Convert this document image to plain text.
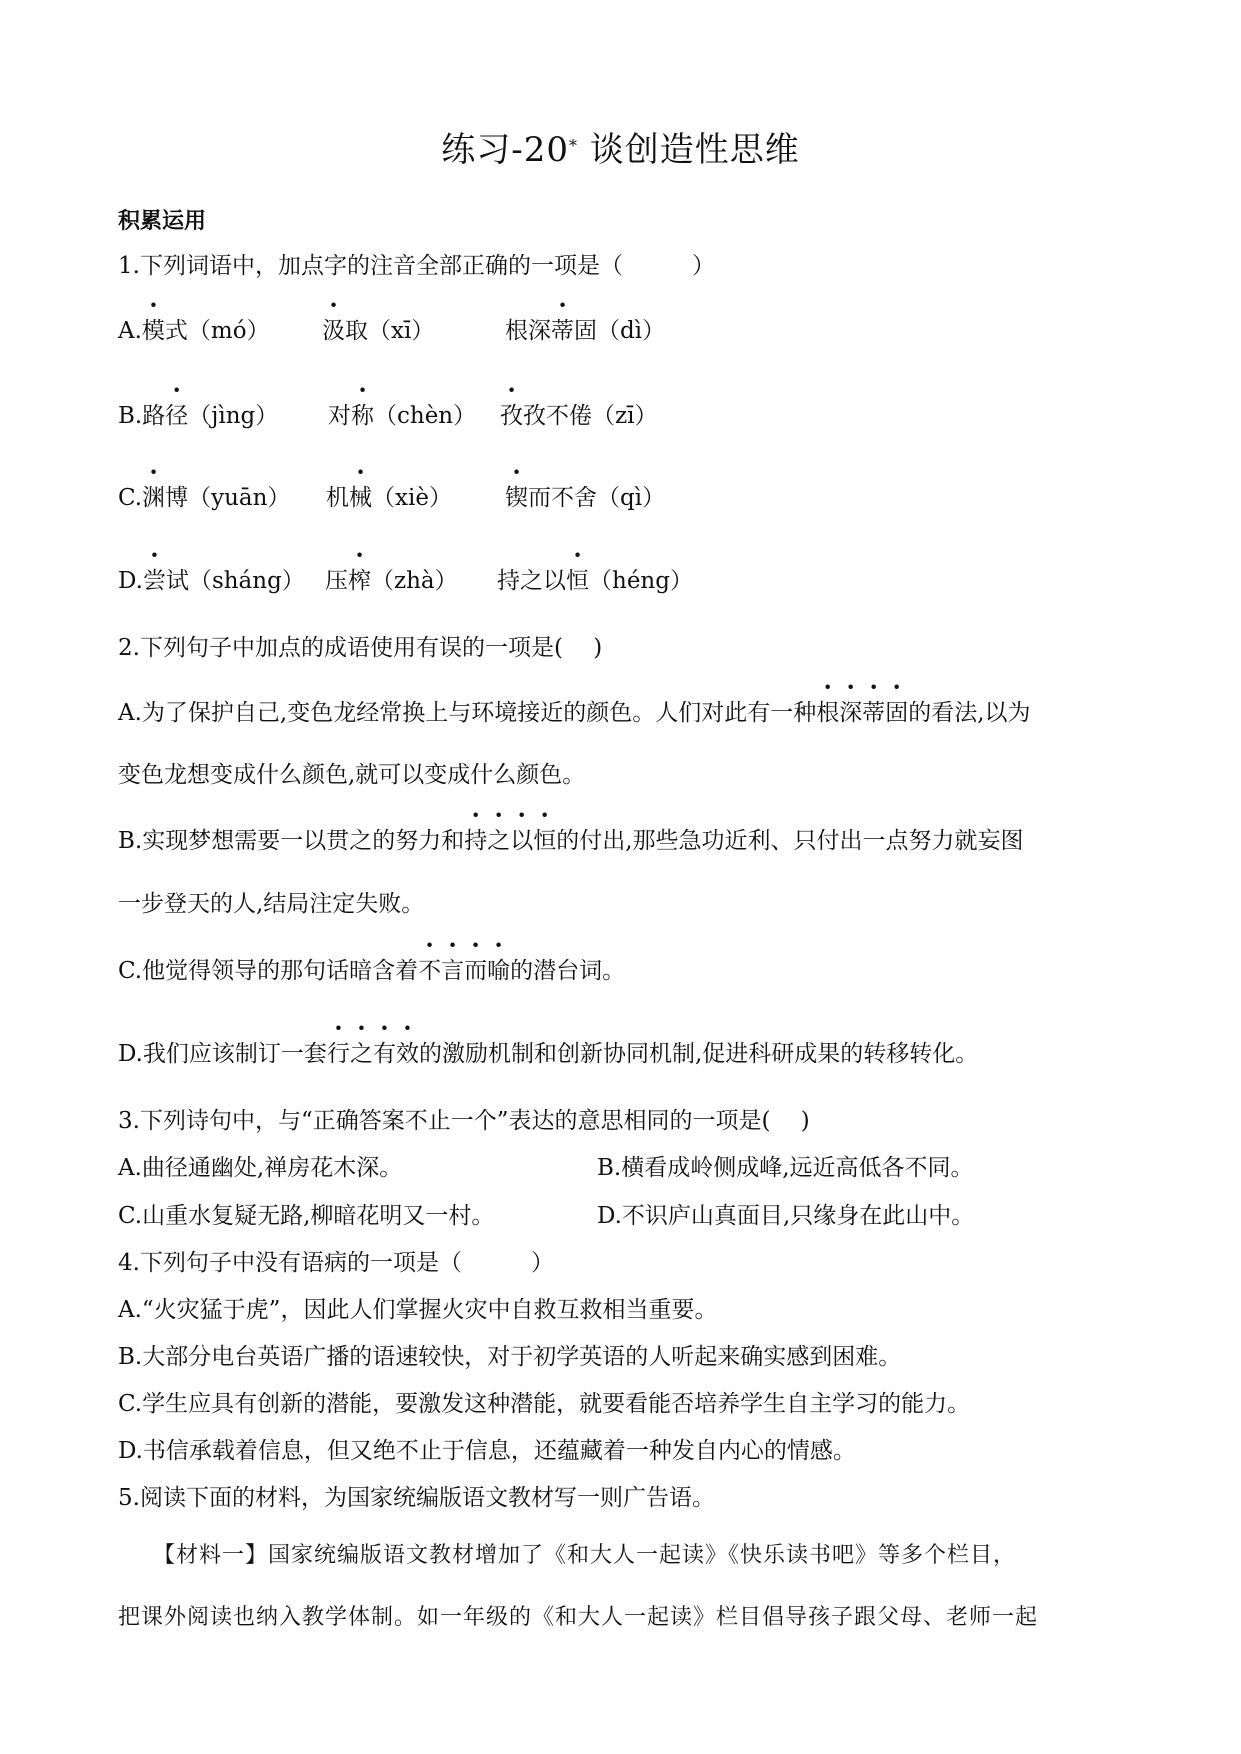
练习-20* 谈创造性思维
积累运用
1.下列词语中，加点字的注音全部正确的一项是（　　　）
A.模式（mó） 汲取（xī）	根深蒂固（dì）
B.路径（jìng） 对称（chèn） 孜孜不倦（zī）
C.渊博（yuān） 机械（xiè） 锲而不舍（qì）
D.尝试（sháng） 压榨（zhà） 持之以恒（héng）
2.下列句子中加点的成语使用有误的一项是(　 )
A.为了保护自己,变色龙经常换上与环境接近的颜色。人们对此有一种根深蒂固的看法,以为
变色龙想变成什么颜色,就可以变成什么颜色。
B.实现梦想需要一以贯之的努力和持之以恒的付出,那些急功近利、只付出一点努力就妄图
一步登天的人,结局注定失败。
C.他觉得领导的那句话暗含着不言而喻的潜台词。
D.我们应该制订一套行之有效的激励机制和创新协同机制,促进科研成果的转移转化。
3.下列诗句中，与“正确答案不止一个”表达的意思相同的一项是(　 )
A.曲径通幽处,禅房花木深。	B.横看成岭侧成峰,远近高低各不同。
C.山重水复疑无路,柳暗花明又一村。	D.不识庐山真面目,只缘身在此山中。
4.下列句子中没有语病的一项是（　　　）
A.“火灾猛于虎”，因此人们掌握火灾中自救互救相当重要。
B.大部分电台英语广播的语速较快，对于初学英语的人听起来确实感到困难。
C.学生应具有创新的潜能，要激发这种潜能，就要看能否培养学生自主学习的能力。
D.书信承载着信息，但又绝不止于信息，还蕴藏着一种发自内心的情感。
5.阅读下面的材料，为国家统编版语文教材写一则广告语。
　　【材料一】国家统编版语文教材增加了《和大人一起读》《快乐读书吧》等多个栏目，
把课外阅读也纳入教学体制。如一年级的《和大人一起读》栏目倡导孩子跟父母、老师一起
